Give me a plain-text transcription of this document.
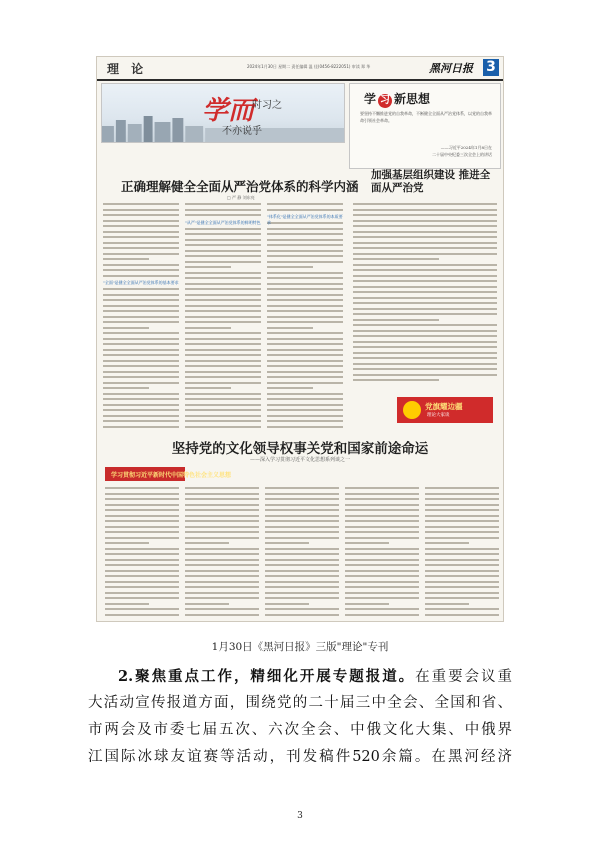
理 论	2024年1月30日 星期二 责任编辑 温 佳(0456-8222051) 审读 郑 华	黑河日报 3
学而
时习之
不亦说乎
学 习 新思想
要坚持不懈推进党的自我革命，不断健全全面从严治党体系，以党的自我革命引领社会革命。
——习近平2024年1月8日在
二十届中央纪委三次全会上的讲话
正确理解健全全面从严治党体系的科学内涵
□ 严 静 刘东亮
"全面"是健全全面从严治党体系的基本要求
"从严"是健全全面从严治党体系的鲜明特色
"体系化"是健全全面从严治党体系的本质要求
加强基层组织建设 推进全面从严治党
党旗耀边疆
理论大家谈
坚持党的文化领导权事关党和国家前途命运
——深入学习贯彻习近平文化思想系列谈之一
学习贯彻习近平新时代中国特色社会主义思想
1月30日《黑河日报》三版"理论"专刊

2.聚焦重点工作，精细化开展专题报道。在重要会议重

大活动宣传报道方面，围绕党的二十届三中全会、全国和省、

市两会及市委七届五次、六次全会、中俄文化大集、中俄界

江国际冰球友谊赛等活动，刊发稿件520余篇。在黑河经济

3
